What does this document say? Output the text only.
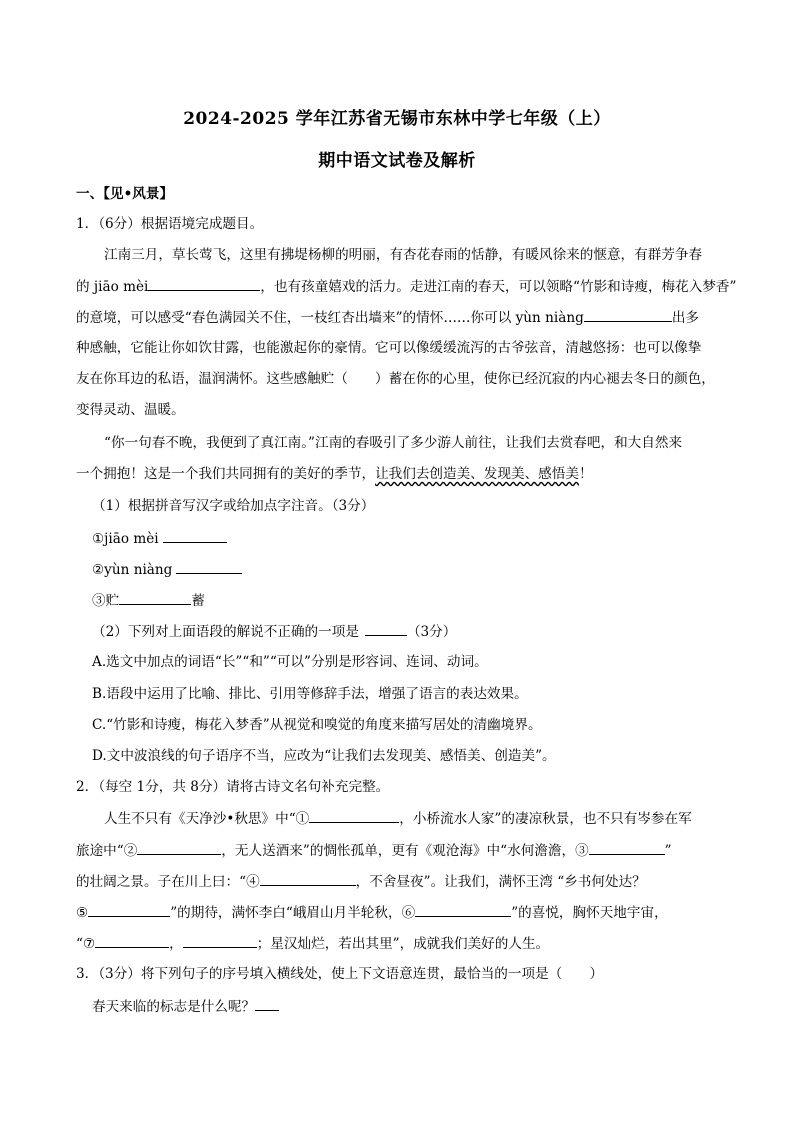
2024-2025 学年江苏省无锡市东林中学七年级（上）
期中语文试卷及解析
一、【见•风景】
1．（6分）根据语境完成题目。
江南三月，草长莺飞，这里有拂堤杨柳的明丽，有杏花春雨的恬静，有暖风徐来的惬意，有群芳争春
的 jiāo mèi	，也有孩童嬉戏的活力。走进江南的春天，可以领略“竹影和诗瘦，梅花入梦香”
的意境，可以感受“春色满园关不住，一枝红杏出墙来”的情怀……你可以 yùn niàng	出多
种感触，它能让你如饮甘露，也能激起你的豪情。它可以像缓缓流泻的古爷弦音，清越悠扬：也可以像挚
友在你耳边的私语，温润满怀。这些感触贮（　　）蓄在你的心里，使你已经沉寂的内心褪去冬日的颜色，
变得灵动、温暖。
“你一句春不晚，我便到了真江南。”江南的春吸引了多少游人前往，让我们去赏春吧，和大自然来
一个拥抱！这是一个我们共同拥有的美好的季节，让我们去创造美、发现美、感悟美！
（1）根据拼音写汉字或给加点字注音。（3分）
①jiāo mèi
②yùn niàng
③贮	蓄
（2）下列对上面语段的解说不正确的一项是	（3分）
A.选文中加点的词语“长”“和”“可以”分别是形容词、连词、动词。
B.语段中运用了比喻、排比、引用等修辞手法，增强了语言的表达效果。
C.“竹影和诗瘦，梅花入梦香”从视觉和嗅觉的角度来描写居处的清幽境界。
D.文中波浪线的句子语序不当，应改为“让我们去发现美、感悟美、创造美”。
2．（每空 1分，共 8分）请将古诗文名句补充完整。
人生不只有《天净沙•秋思》中“①	，小桥流水人家”的凄凉秋景，也不只有岑参在军
旅途中“②	，无人送酒来”的惆怅孤单，更有《观沧海》中“水何澹澹，③	”
的壮阔之景。子在川上曰：“④	，不舍昼夜”。让我们，满怀王湾 “乡书何处达？
⑤	”的期待，满怀李白“峨眉山月半轮秋，⑥	”的喜悦，胸怀天地宇宙，
“⑦	，	；星汉灿烂，若出其里”，成就我们美好的人生。
3．（3分）将下列句子的序号填入横线处，使上下文语意连贯，最恰当的一项是（　　）
春天来临的标志是什么呢？
